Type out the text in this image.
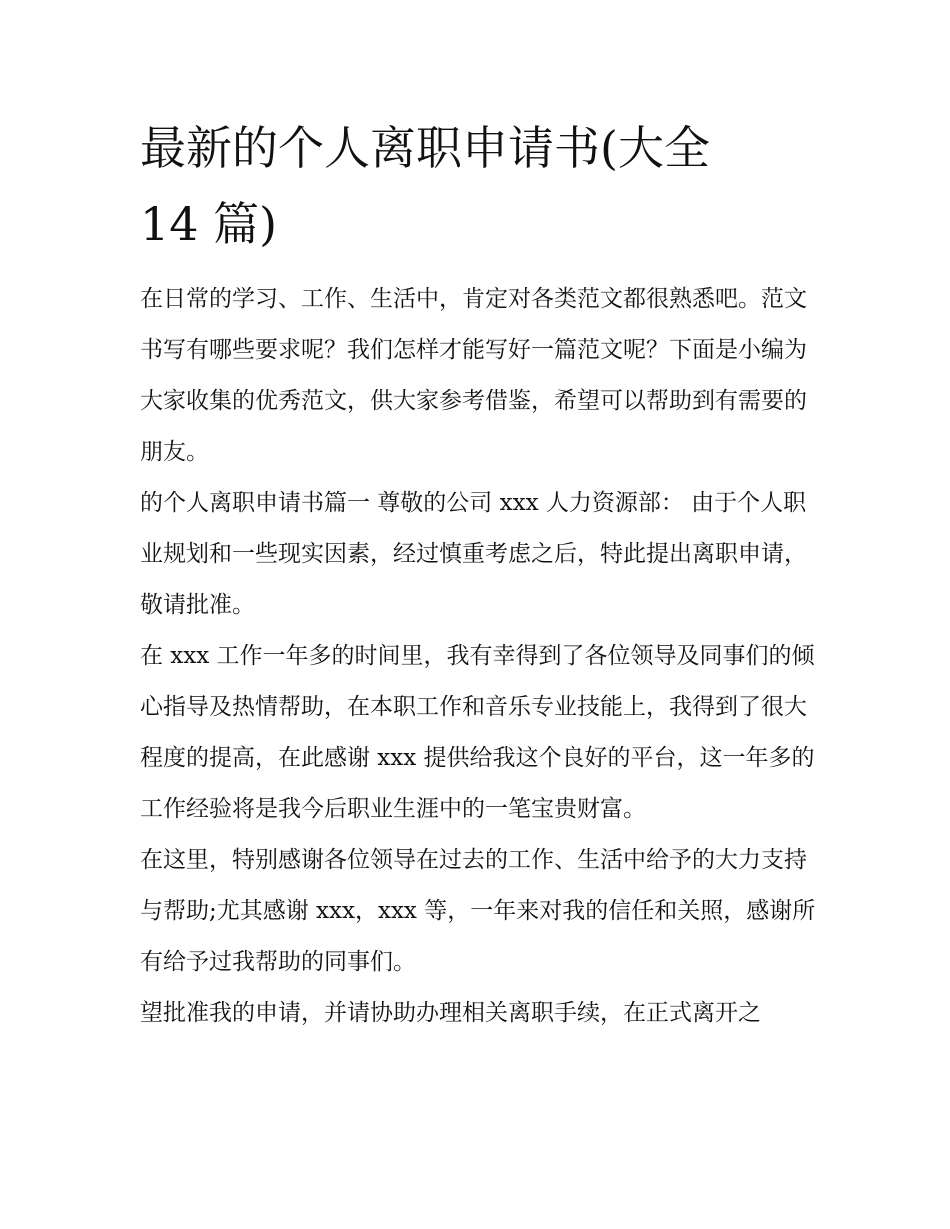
最新的个人离职申请书(大全
14 篇)

在日常的学习、工作、生活中，肯定对各类范文都很熟悉吧。范文书写有哪些要求呢？我们怎样才能写好一篇范文呢？下面是小编为大家收集的优秀范文，供大家参考借鉴，希望可以帮助到有需要的朋友。

的个人离职申请书篇一 尊敬的公司 xxx 人力资源部： 由于个人职业规划和一些现实因素，经过慎重考虑之后，特此提出离职申请，敬请批准。

在 xxx 工作一年多的时间里，我有幸得到了各位领导及同事们的倾心指导及热情帮助，在本职工作和音乐专业技能上，我得到了很大程度的提高，在此感谢 xxx 提供给我这个良好的平台，这一年多的工作经验将是我今后职业生涯中的一笔宝贵财富。

在这里，特别感谢各位领导在过去的工作、生活中给予的大力支持与帮助;尤其感谢 xxx，xxx 等，一年来对我的信任和关照，感谢所有给予过我帮助的同事们。

望批准我的申请，并请协助办理相关离职手续，在正式离开之
